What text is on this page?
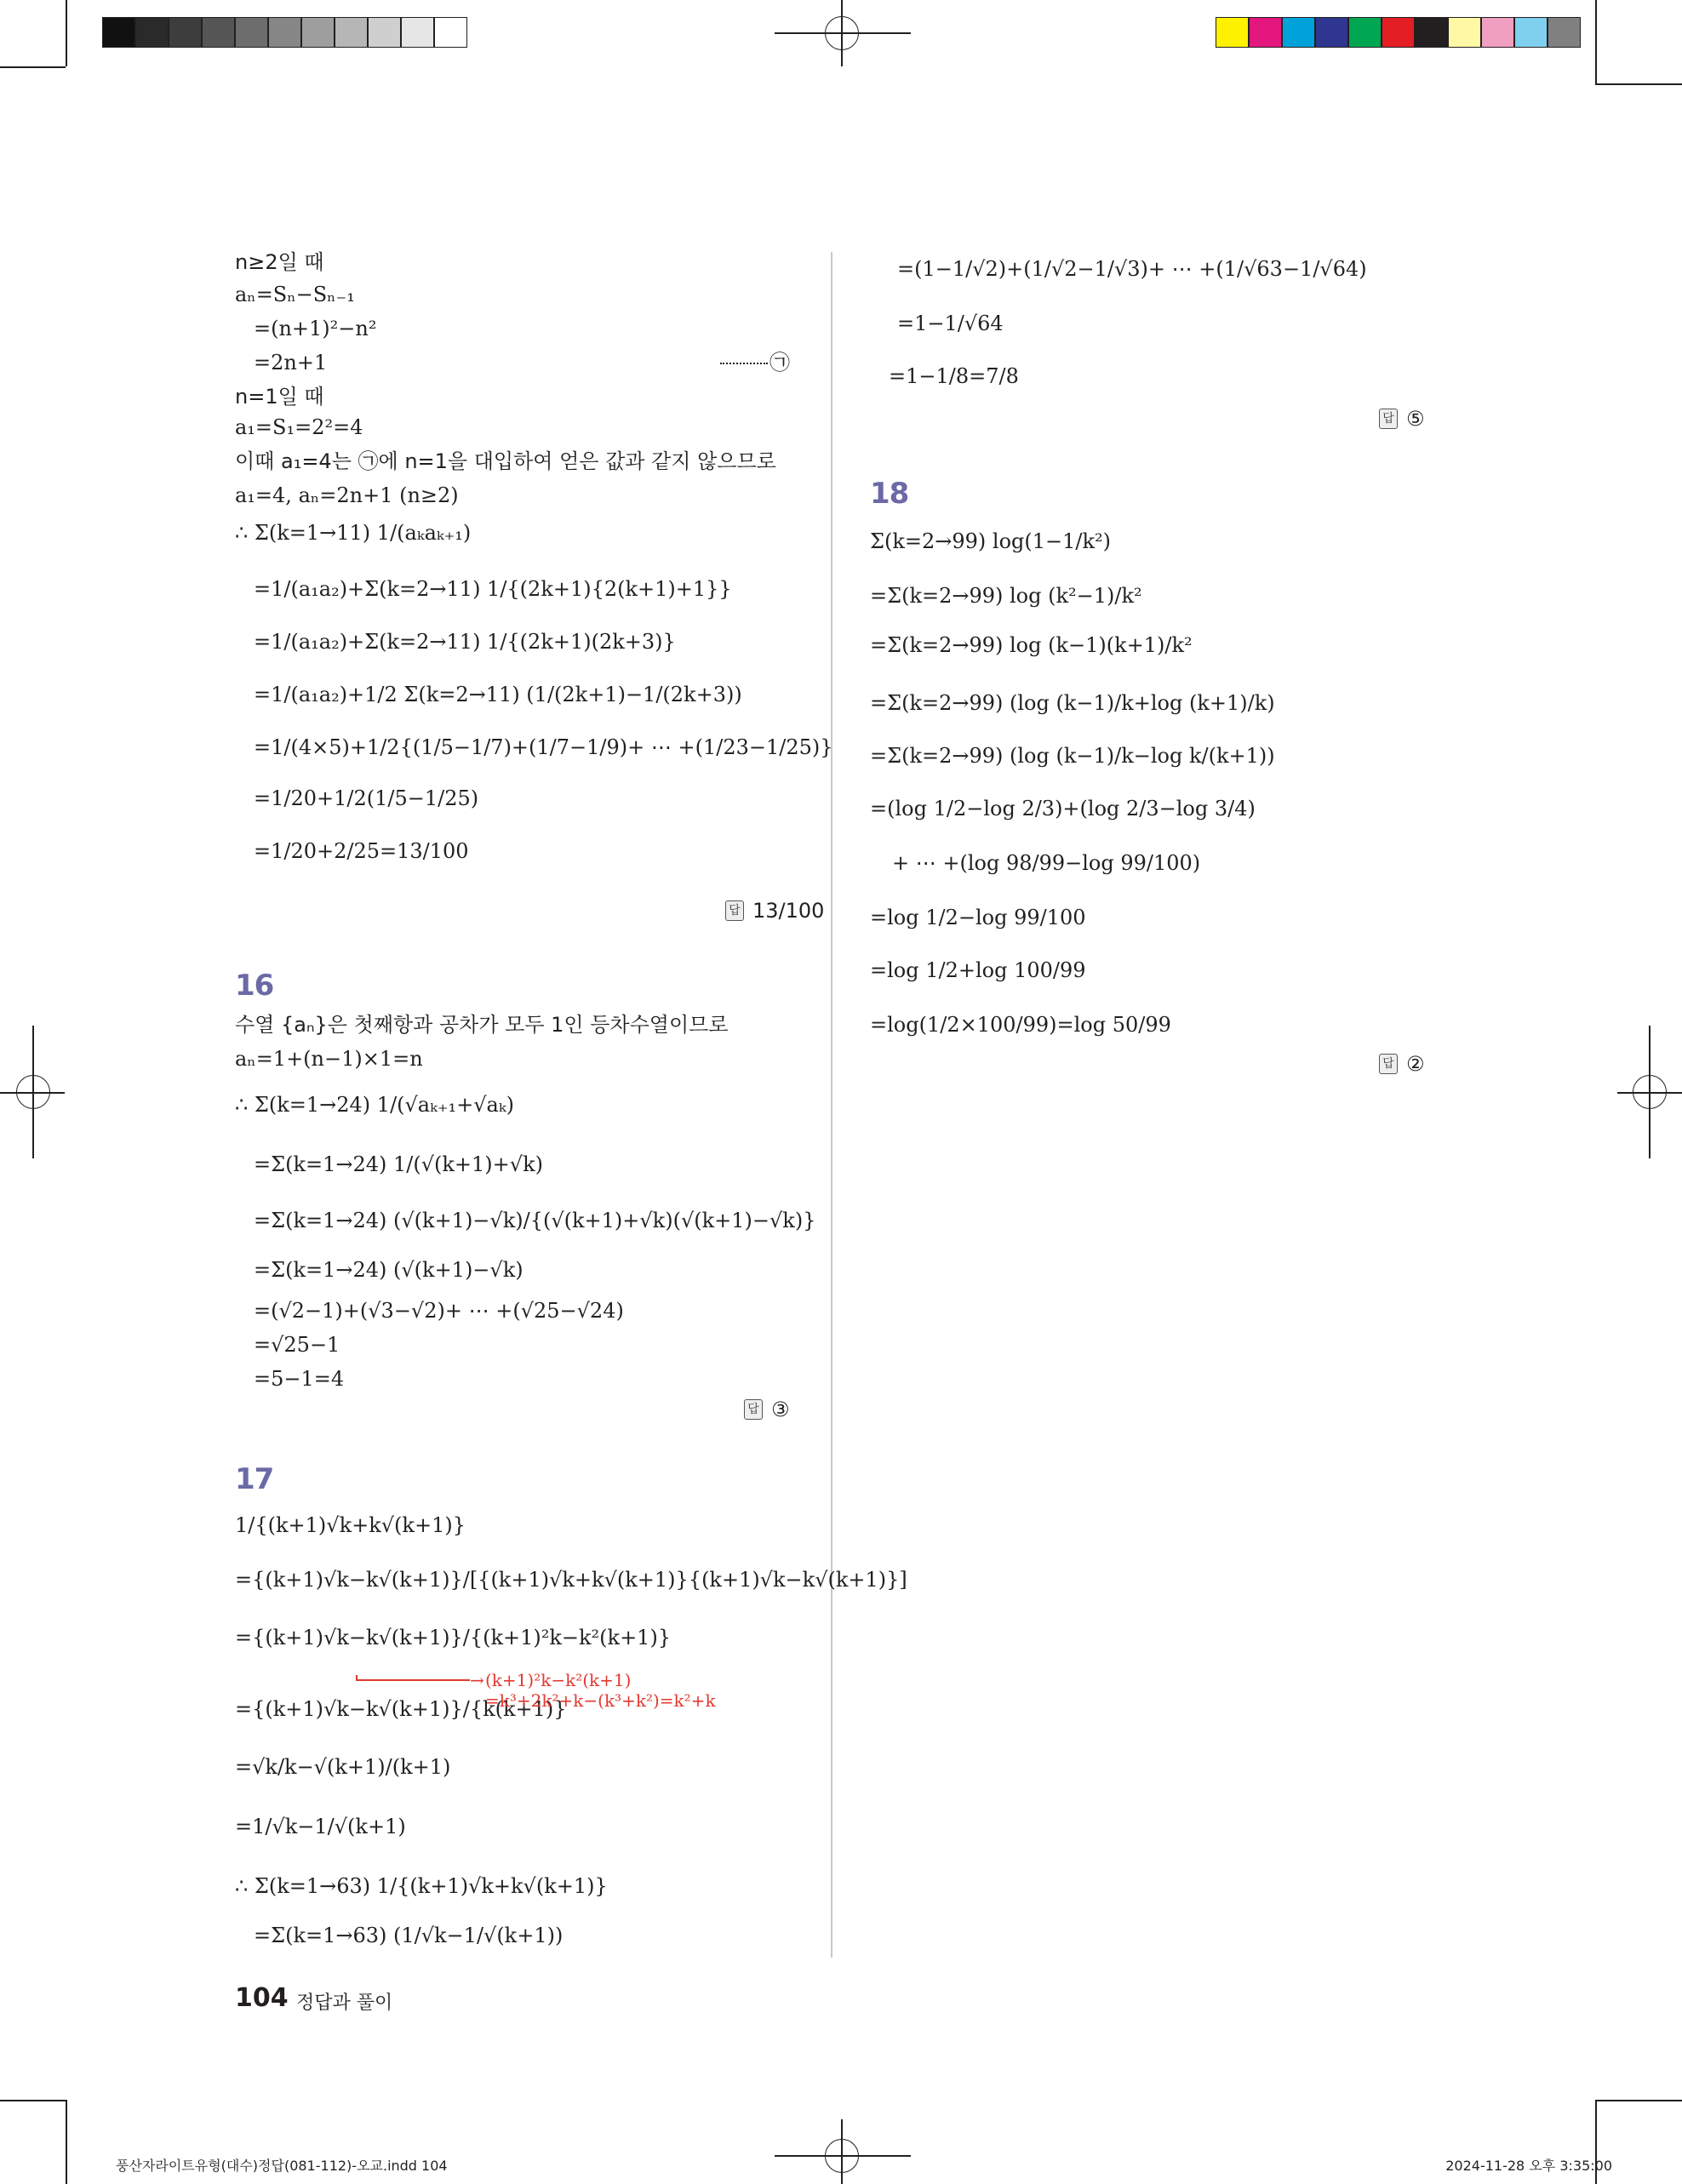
n≥2일 때
aₙ=Sₙ−Sₙ₋₁
=(n+1)²−n²
=2n+1
n=1일 때
a₁=S₁=2²=4
이때 a₁=4는 ㉠에 n=1을 대입하여 얻은 값과 같지 않으므로
a₁=4, aₙ=2n+1 (n≥2)
∴ Σ(k=1→11) 1/(aₖaₖ₊₁)
=1/(a₁a₂)+Σ(k=2→11) 1/{(2k+1){2(k+1)+1}}
=1/(a₁a₂)+Σ(k=2→11) 1/{(2k+1)(2k+3)}
=1/(a₁a₂)+1/2 Σ(k=2→11) (1/(2k+1)−1/(2k+3))
=1/(4×5)+1/2{(1/5−1/7)+(1/7−1/9)+ ⋯ +(1/23−1/25)}
=1/20+1/2(1/5−1/25)
=1/20+2/25=13/100
㉠
답 13/100
16
수열 {aₙ}은 첫째항과 공차가 모두 1인 등차수열이므로
aₙ=1+(n−1)×1=n
∴ Σ(k=1→24) 1/(√aₖ₊₁+√aₖ)
=Σ(k=1→24) 1/(√(k+1)+√k)
=Σ(k=1→24) (√(k+1)−√k)/{(√(k+1)+√k)(√(k+1)−√k)}
=Σ(k=1→24) (√(k+1)−√k)
=(√2−1)+(√3−√2)+ ⋯ +(√25−√24)
=√25−1
=5−1=4
답 ③
17
1/{(k+1)√k+k√(k+1)}
={(k+1)√k−k√(k+1)}/[{(k+1)√k+k√(k+1)}{(k+1)√k−k√(k+1)}]
={(k+1)√k−k√(k+1)}/{(k+1)²k−k²(k+1)}
={(k+1)√k−k√(k+1)}/{k(k+1)}
=√k/k−√(k+1)/(k+1)
=1/√k−1/√(k+1)
∴ Σ(k=1→63) 1/{(k+1)√k+k√(k+1)}
=Σ(k=1→63) (1/√k−1/√(k+1))
→ (k+1)²k−k²(k+1)
=k³+2k²+k−(k³+k²)=k²+k
=(1−1/√2)+(1/√2−1/√3)+ ⋯ +(1/√63−1/√64)
=1−1/√64
=1−1/8=7/8
답 ⑤
18
Σ(k=2→99) log(1−1/k²)
=Σ(k=2→99) log (k²−1)/k²
=Σ(k=2→99) log (k−1)(k+1)/k²
=Σ(k=2→99) (log (k−1)/k+log (k+1)/k)
=Σ(k=2→99) (log (k−1)/k−log k/(k+1))
=(log 1/2−log 2/3)+(log 2/3−log 3/4)
+ ⋯ +(log 98/99−log 99/100)
=log 1/2−log 99/100
=log 1/2+log 100/99
=log(1/2×100/99)=log 50/99
답 ②
104 정답과 풀이
풍산자라이트유형(대수)정답(081-112)-오교.indd 104	2024-11-28 오후 3:35:00
